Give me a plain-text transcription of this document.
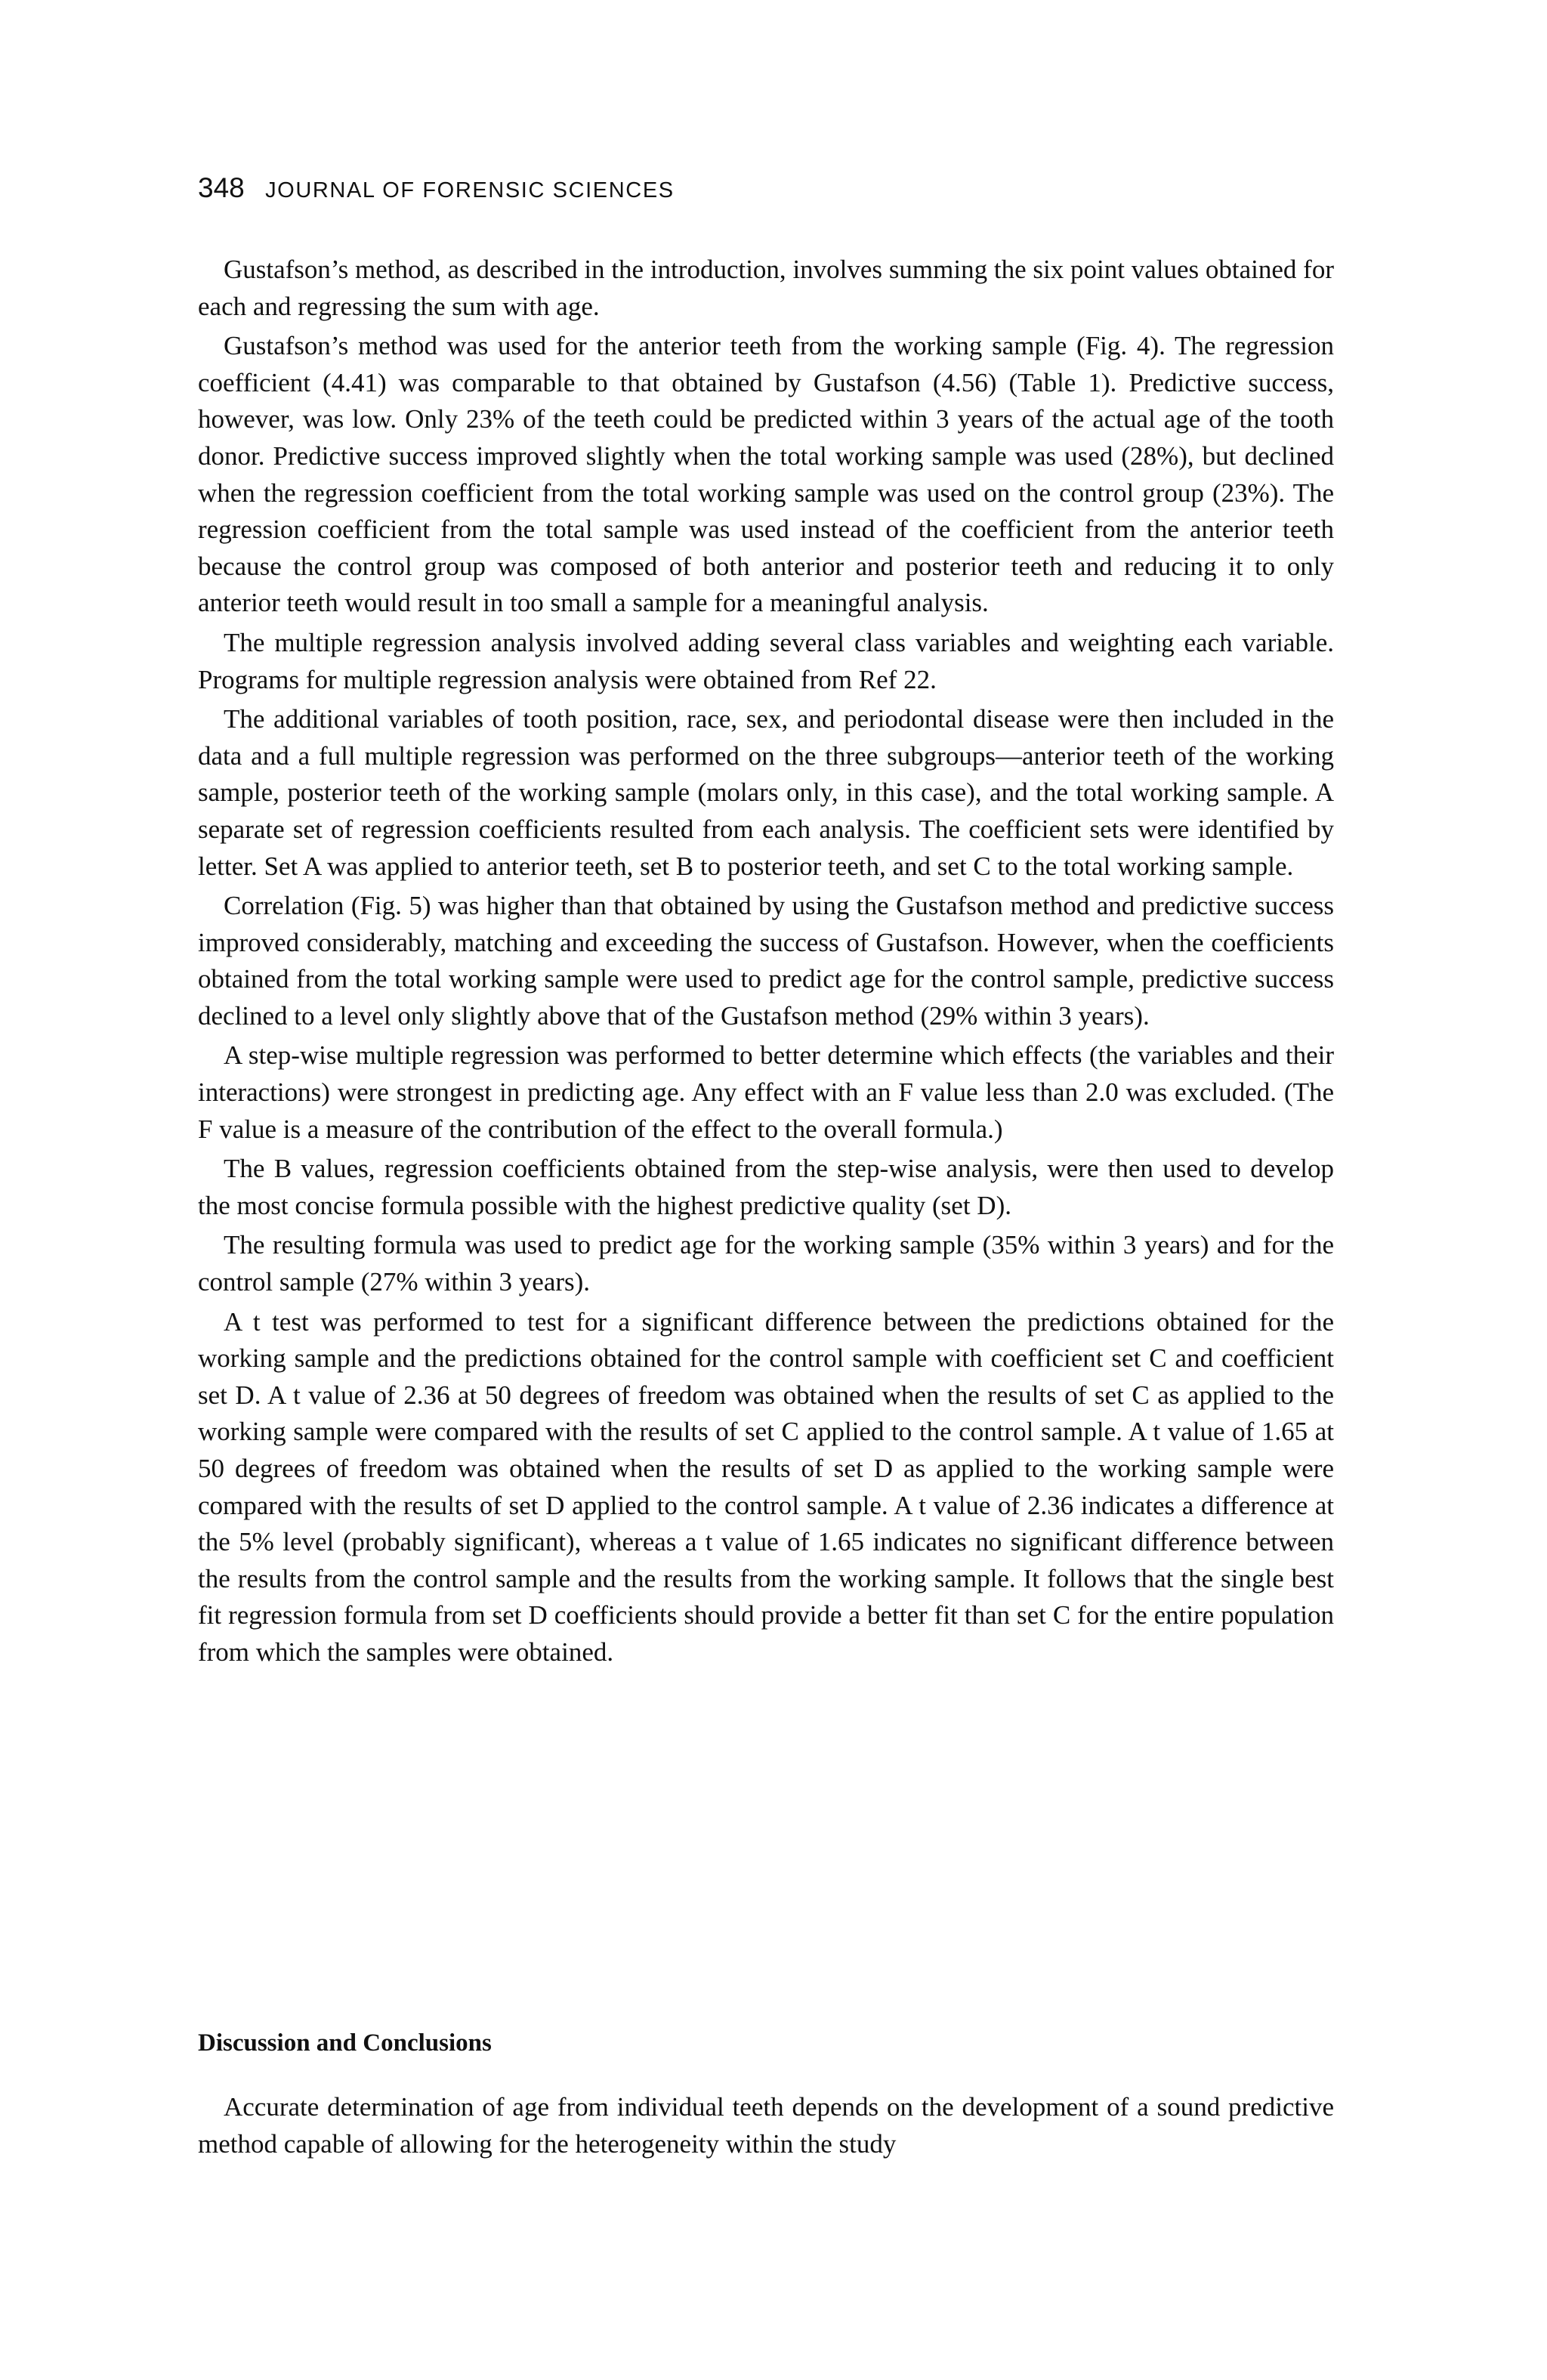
348 JOURNAL OF FORENSIC SCIENCES

Gustafson’s method, as described in the introduction, involves summing the six point values obtained for each and regressing the sum with age.

Gustafson’s method was used for the anterior teeth from the working sample (Fig. 4). The regression coefficient (4.41) was comparable to that obtained by Gustafson (4.56) (Table 1). Predictive success, however, was low. Only 23% of the teeth could be predicted within 3 years of the actual age of the tooth donor. Predictive success improved slightly when the total working sample was used (28%), but declined when the regression coefficient from the total working sample was used on the control group (23%). The regression coefficient from the total sample was used instead of the coefficient from the anterior teeth because the control group was composed of both anterior and posterior teeth and reducing it to only anterior teeth would result in too small a sample for a meaningful analysis.

The multiple regression analysis involved adding several class variables and weighting each variable. Programs for multiple regression analysis were obtained from Ref 22.

The additional variables of tooth position, race, sex, and periodontal disease were then included in the data and a full multiple regression was performed on the three subgroups—anterior teeth of the working sample, posterior teeth of the working sample (molars only, in this case), and the total working sample. A separate set of regression coefficients resulted from each analysis. The coefficient sets were identified by letter. Set A was applied to anterior teeth, set B to posterior teeth, and set C to the total working sample.

Correlation (Fig. 5) was higher than that obtained by using the Gustafson method and predictive success improved considerably, matching and exceeding the success of Gustafson. However, when the coefficients obtained from the total working sample were used to predict age for the control sample, predictive success declined to a level only slightly above that of the Gustafson method (29% within 3 years).

A step-wise multiple regression was performed to better determine which effects (the variables and their interactions) were strongest in predicting age. Any effect with an F value less than 2.0 was excluded. (The F value is a measure of the contribution of the effect to the overall formula.)

The B values, regression coefficients obtained from the step-wise analysis, were then used to develop the most concise formula possible with the highest predictive quality (set D).

The resulting formula was used to predict age for the working sample (35% within 3 years) and for the control sample (27% within 3 years).

A t test was performed to test for a significant difference between the predictions obtained for the working sample and the predictions obtained for the control sample with coefficient set C and coefficient set D. A t value of 2.36 at 50 degrees of freedom was obtained when the results of set C as applied to the working sample were compared with the results of set C applied to the control sample. A t value of 1.65 at 50 degrees of freedom was obtained when the results of set D as applied to the working sample were compared with the results of set D applied to the control sample. A t value of 2.36 indicates a difference at the 5% level (probably significant), whereas a t value of 1.65 indicates no significant difference between the results from the control sample and the results from the working sample. It follows that the single best fit regression formula from set D coefficients should provide a better fit than set C for the entire population from which the samples were obtained.

Discussion and Conclusions

Accurate determination of age from individual teeth depends on the development of a sound predictive method capable of allowing for the heterogeneity within the study
